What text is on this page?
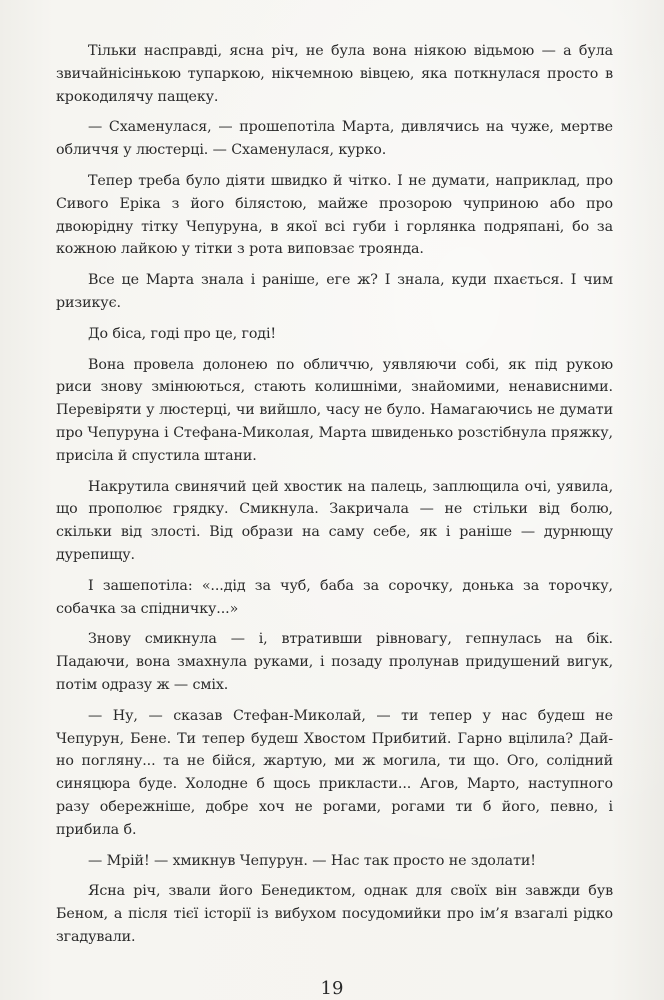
Тільки насправді, ясна річ, не була вона ніякою відьмою — а була звичайнісінькою тупаркою, нікчемною вівцею, яка поткнулася просто в крокодилячу пащеку.

— Схаменулася, — прошепотіла Марта, дивлячись на чуже, мертве обличчя у люстерці. — Схаменулася, курко.

Тепер треба було діяти швидко й чітко. І не думати, наприклад, про Сивого Еріка з його білястою, майже прозорою чуприною або про двоюрідну тітку Чепуруна, в якої всі губи і горлянка подряпані, бо за кожною лайкою у тітки з рота виповзає троянда.

Все це Марта знала і раніше, еге ж? І знала, куди пхається. І чим ризикує.

До біса, годі про це, годі!

Вона провела долонею по обличчю, уявляючи собі, як під рукою риси знову змінюються, стають колишніми, знайомими, ненависними. Перевіряти у люстерці, чи вийшло, часу не було. Намагаючись не думати про Чепуруна і Стефана-Миколая, Марта швиденько розстібнула пряжку, присіла й спустила штани.

Накрутила свинячий цей хвостик на палець, заплющила очі, уявила, що прополює грядку. Смикнула. Закричала — не стільки від болю, скільки від злості. Від образи на саму себе, як і раніше — дурнющу дурепищу.

І зашепотіла: «...дід за чуб, баба за сорочку, донька за торочку, собачка за спідничку...»

Знову смикнула — і, втративши рівновагу, гепнулась на бік. Падаючи, вона змахнула руками, і позаду пролунав придушений вигук, потім одразу ж — сміх.

— Ну, — сказав Стефан-Миколай, — ти тепер у нас будеш не Чепурун, Бене. Ти тепер будеш Хвостом Прибитий. Гарно вцілила? Дай-но погляну... та не бійся, жартую, ми ж могила, ти що. Ого, солідний синяцюра буде. Холодне б щось прикласти... Агов, Марто, наступного разу обережніше, добре хоч не рогами, рогами ти б його, певно, і прибила б.

— Мрій! — хмикнув Чепурун. — Нас так просто не здолати!

Ясна річ, звали його Бенедиктом, однак для своїх він завжди був Беном, а після тієї історії із вибухом посудомийки про ім’я взагалі рідко згадували.

19
